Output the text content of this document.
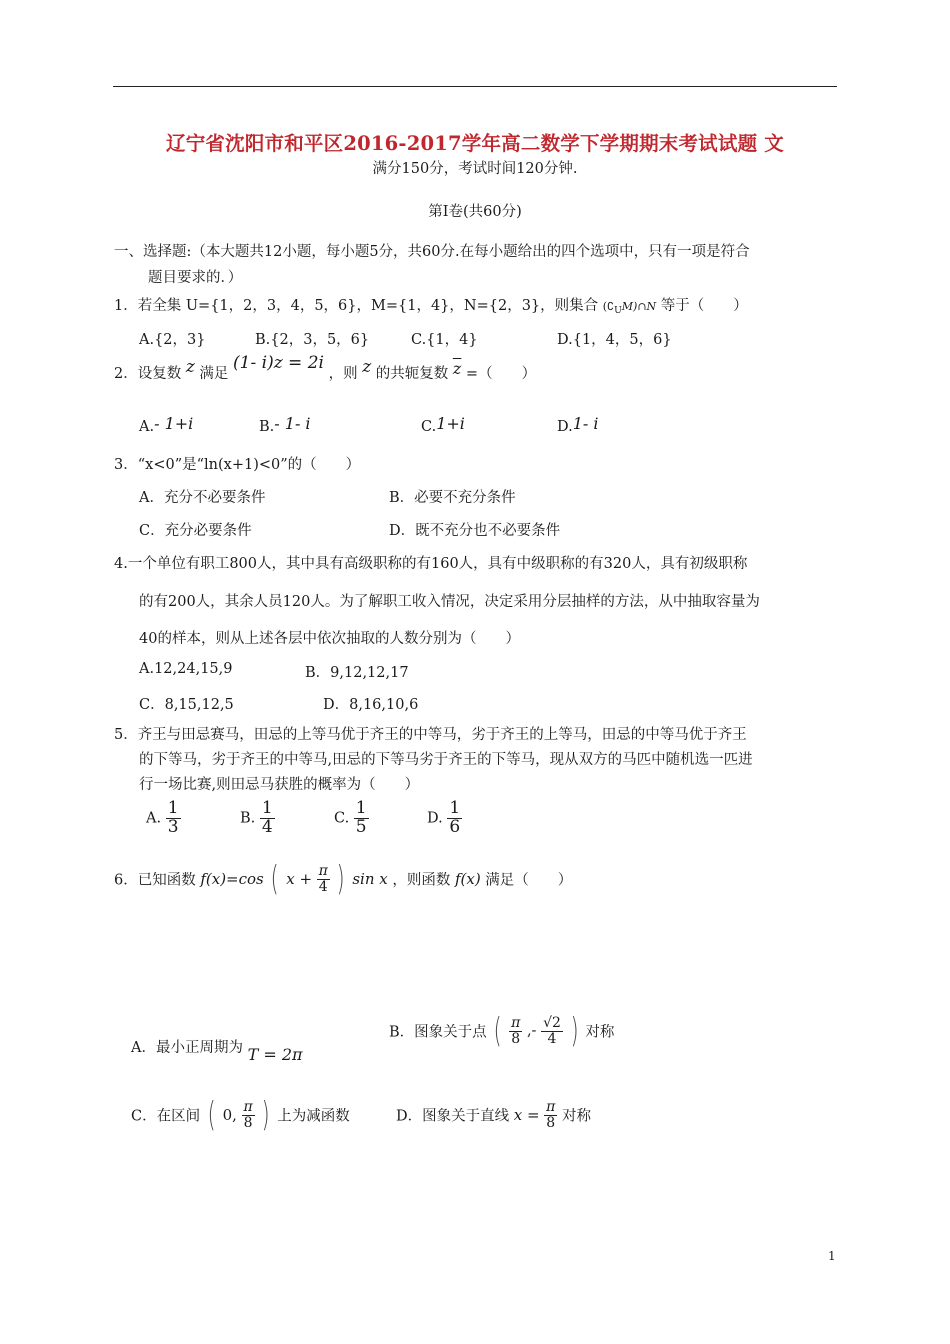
辽宁省沈阳市和平区2016-2017学年高二数学下学期期末考试试题 文
满分150分，考试时间120分钟.
第Ⅰ卷(共60分)
一、选择题:（本大题共12小题，每小题5分，共60分.在每小题给出的四个选项中，只有一项是符合
题目要求的．）
1．若全集 U={1，2，3，4，5，6}，M={1，4}，N={2，3}，则集合 $(∁_UM)\cap N$ 等于（　　）
A.{2，3}	B.{2，3，5，6}	C.{1，4}	D.{1，4，5，6}
2．设复数 z 满足 (1- i)z = 2i ，则 z 的共轭复数 $\overline{z}$ =（　　）
A.- 1+i	B.- 1- i	C.1+i	D.1- i
3．“x<0”是“ln(x+1)<0”的（　　）
A．充分不必要条件	B．必要不充分条件
C．充分必要条件	D．既不充分也不必要条件
4.一个单位有职工800人，其中具有高级职称的有160人，具有中级职称的有320人，具有初级职称
的有200人，其余人员120人。为了解职工收入情况，决定采用分层抽样的方法，从中抽取容量为
40的样本，则从上述各层中依次抽取的人数分别为（　　）
A.12,24,15,9	B．9,12,12,17
C．8,15,12,5	D．8,16,10,6
5．齐王与田忌赛马，田忌的上等马优于齐王的中等马，劣于齐王的上等马，田忌的中等马优于齐王
的下等马，劣于齐王的中等马,田忌的下等马劣于齐王的下等马，现从双方的马匹中随机选一匹进
行一场比赛,则田忌马获胜的概率为（　　）
A. $\frac{1}{3}$	B. $\frac{1}{4}$	C. $\frac{1}{5}$	D. $\frac{1}{6}$
6．已知函数 f(x)=cos ( $x + \frac{\pi}{4}$ ) sin x ，则函数 f(x) 满足（　　）
A．最小正周期为 T = 2π
B．图象关于点 ( $\frac{\pi}{8}$ ,- $\frac{√2}{4}$ ) 对称
C．在区间 ( 0, $\frac{\pi}{8}$ ) 上为减函数	D．图象关于直线 $x = \frac{\pi}{8}$ 对称
1
